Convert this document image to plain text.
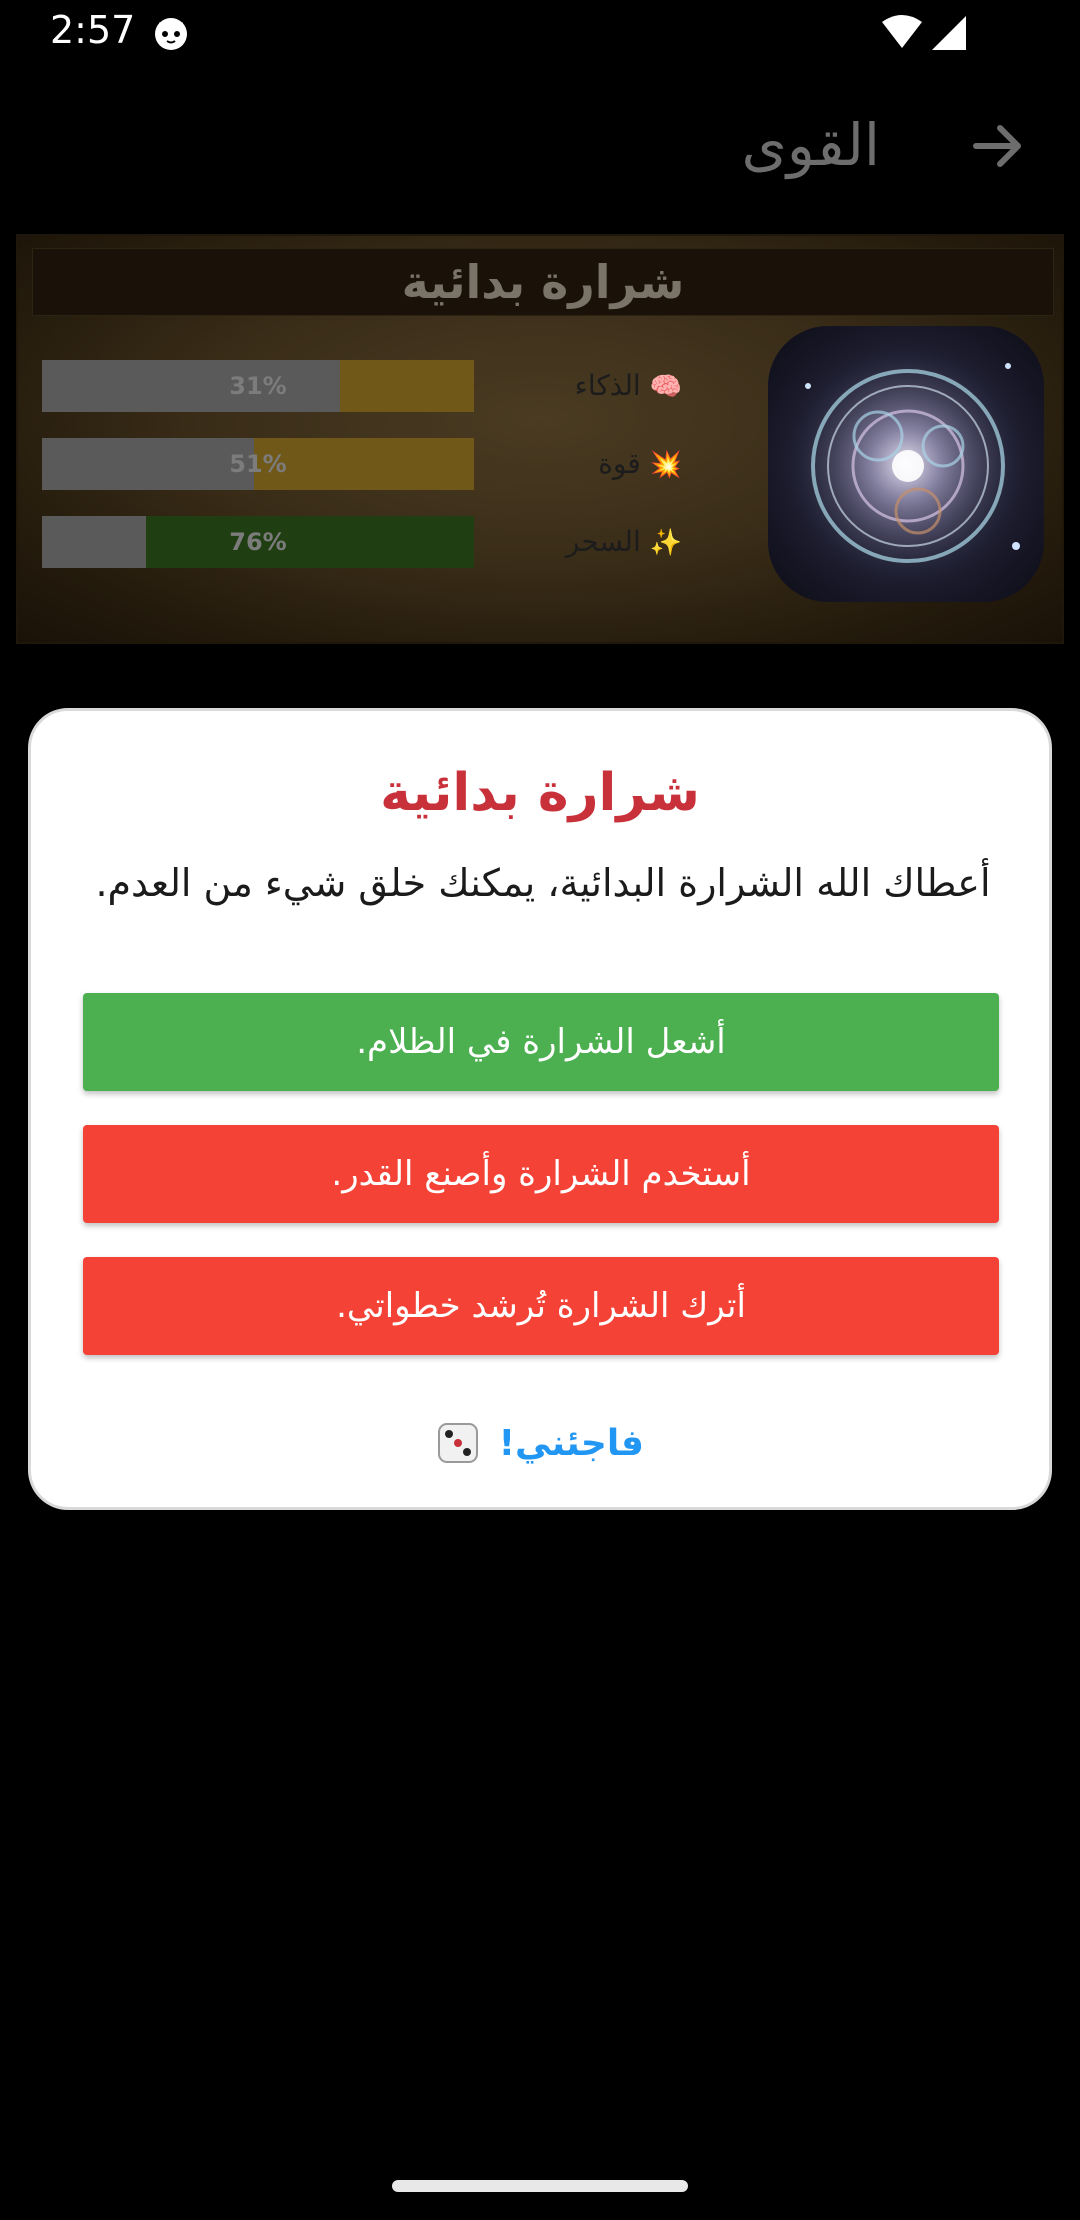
2:57
القوى
شرارة بدائية
31%	🧠 الذكاء
51%	💥 قوة
76%	✨ السحر
شرارة بدائية
أعطاك الله الشرارة البدائية، يمكنك خلق شيء من العدم.
أشعل الشرارة في الظلام.
أستخدم الشرارة وأصنع القدر.
أترك الشرارة تُرشد خطواتي.
فاجئني!
